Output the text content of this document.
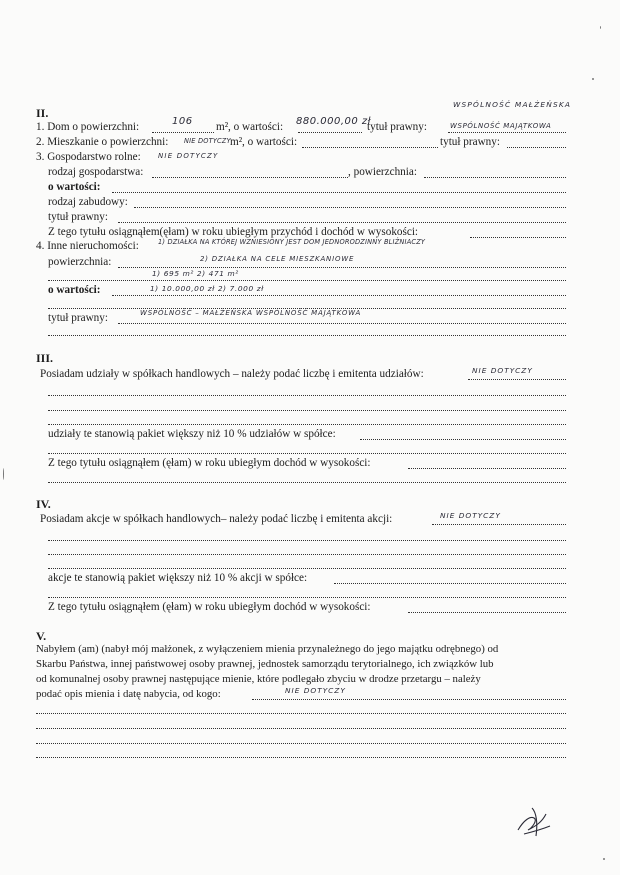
WSPÓLNOŚĆ MAŁŻEŃSKA
II.
1. Dom o powierzchni:	106 m², o wartości: 880.000,00 zł
tytuł prawny:	WSPÓLNOŚĆ MAJĄTKOWA
2. Mieszkanie o powierzchni: NIE DOTYCZY m², o wartości:	tytuł prawny:
3. Gospodarstwo rolne: NIE DOTYCZY
rodzaj gospodarstwa:	, powierzchnia:
o wartości:
rodzaj zabudowy:
tytuł prawny:
Z tego tytułu osiągnąłem(ęłam) w roku ubiegłym przychód i dochód w wysokości:
4. Inne nieruchomości:	1) DZIAŁKA NA KTÓREJ WZNIESIONY JEST DOM JEDNORODZINNY BLIŹNIACZY
powierzchnia:	2) DZIAŁKA NA CELE MIESZKANIOWE
1) 695 m² 2) 471 m²
o wartości:	1) 10.000,00 zł 2) 7.000 zł
tytuł prawny:	WSPÓLNOŚĆ – MAŁŻEŃSKA WSPÓLNOŚĆ MAJĄTKOWA
III.
Posiadam udziały w spółkach handlowych – należy podać liczbę i emitenta udziałów:	NIE DOTYCZY
udziały te stanowią pakiet większy niż 10 % udziałów w spółce:
Z tego tytułu osiągnąłem (ęłam) w roku ubiegłym dochód w wysokości:
IV.
Posiadam akcje w spółkach handlowych– należy podać liczbę i emitenta akcji:	NIE DOTYCZY
akcje te stanowią pakiet większy niż 10 % akcji w spółce:
Z tego tytułu osiągnąłem (ęłam) w roku ubiegłym dochód w wysokości:
V.
Nabyłem (am) (nabył mój małżonek, z wyłączeniem mienia przynależnego do jego majątku odrębnego) od
Skarbu Państwa, innej państwowej osoby prawnej, jednostek samorządu terytorialnego, ich związków lub
od komunalnej osoby prawnej następujące mienie, które podlegało zbyciu w drodze przetargu – należy
podać opis mienia i datę nabycia, od kogo:	NIE DOTYCZY
